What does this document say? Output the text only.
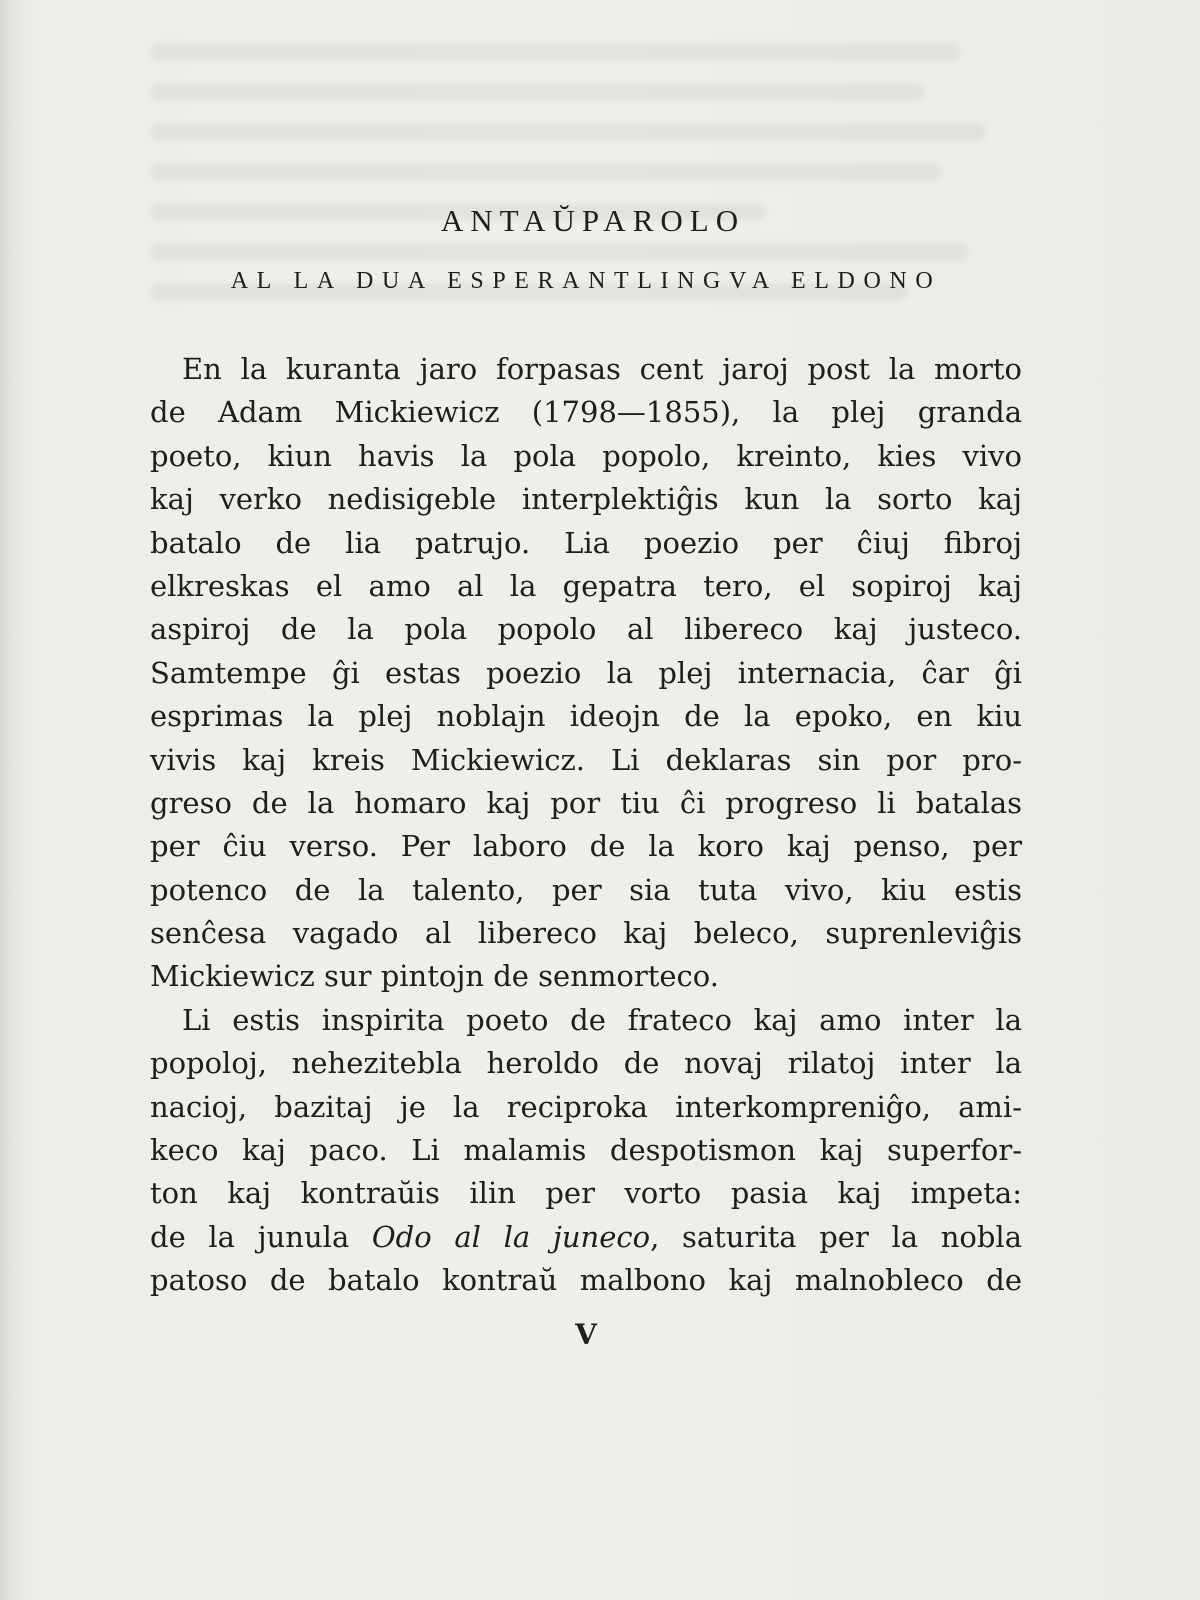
ANTAŬPAROLO
AL LA DUA ESPERANTLINGVA ELDONO
En la kuranta jaro forpasas cent jaroj post la morto
de Adam Mickiewicz (1798—1855), la plej granda
poeto, kiun havis la pola popolo, kreinto, kies vivo
kaj verko nedisigeble interplektiĝis kun la sorto kaj
batalo de lia patrujo. Lia poezio per ĉiuj fibroj
elkreskas el amo al la gepatra tero, el sopiroj kaj
aspiroj de la pola popolo al libereco kaj justeco.
Samtempe ĝi estas poezio la plej internacia, ĉar ĝi
esprimas la plej noblajn ideojn de la epoko, en kiu
vivis kaj kreis Mickiewicz. Li deklaras sin por pro-
greso de la homaro kaj por tiu ĉi progreso li batalas
per ĉiu verso. Per laboro de la koro kaj penso, per
potenco de la talento, per sia tuta vivo, kiu estis
senĉesa vagado al libereco kaj beleco, suprenleviĝis
Mickiewicz sur pintojn de senmorteco.
Li estis inspirita poeto de frateco kaj amo inter la
popoloj, nehezitebla heroldo de novaj rilatoj inter la
nacioj, bazitaj je la reciproka interkompreniĝo, ami-
keco kaj paco. Li malamis despotismon kaj superfor-
ton kaj kontraŭis ilin per vorto pasia kaj impeta:
de la junula Odo al la juneco, saturita per la nobla
patoso de batalo kontraŭ malbono kaj malnobleco de
V
